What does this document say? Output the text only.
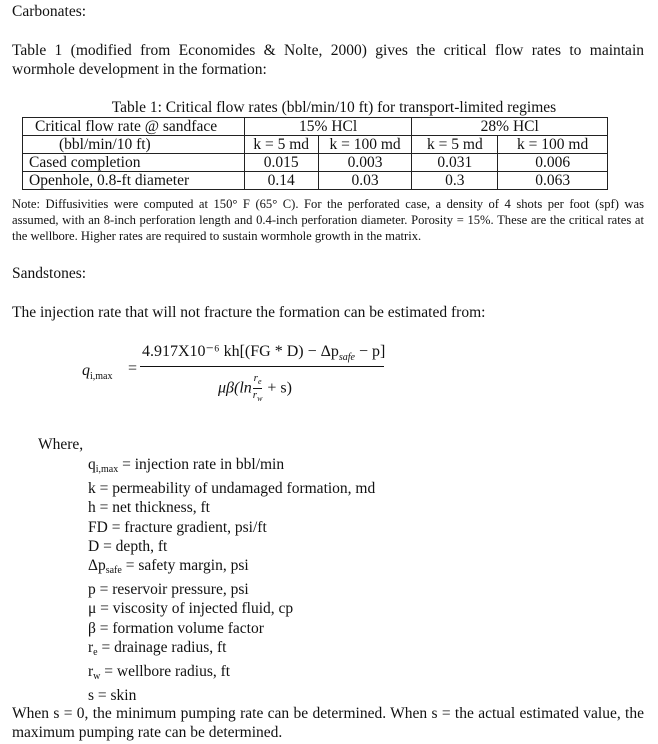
Carbonates:
Table 1 (modified from Economides & Nolte, 2000) gives the critical flow rates to maintain wormhole development in the formation:
Table 1: Critical flow rates (bbl/min/10 ft) for transport-limited regimes
Critical flow rate @ sandface	15% HCl		28% HCl	
(bbl/min/10 ft)	k = 5 md	k = 100 md	k = 5 md	k = 100 md
Cased completion	0.015	0.003	0.031	0.006
Openhole, 0.8-ft diameter	0.14	0.03	0.3	0.063
Note: Diffusivities were computed at 150° F (65° C). For the perforated case, a density of 4 shots per foot (spf) was assumed, with an 8-inch perforation length and 0.4-inch perforation diameter. Porosity = 15%. These are the critical rates at the wellbore. Higher rates are required to sustain wormhole growth in the matrix.
Sandstones:
The injection rate that will not fracture the formation can be estimated from:
$q_{i,max}$ =
4.917X10⁻⁶ $kh[(FG * D) - \Delta p_{safe} - p]$
$\mu\beta(\ln \frac{r_e}{r_w} + s)$
Where,
qi,max = injection rate in bbl/min
k = permeability of undamaged formation, md
h = net thickness, ft
FD = fracture gradient, psi/ft
D = depth, ft
Δpsafe = safety margin, psi
p = reservoir pressure, psi
μ = viscosity of injected fluid, cp
β = formation volume factor
re = drainage radius, ft
rw = wellbore radius, ft
s = skin
When s = 0, the minimum pumping rate can be determined. When s = the actual estimated value, the maximum pumping rate can be determined.
